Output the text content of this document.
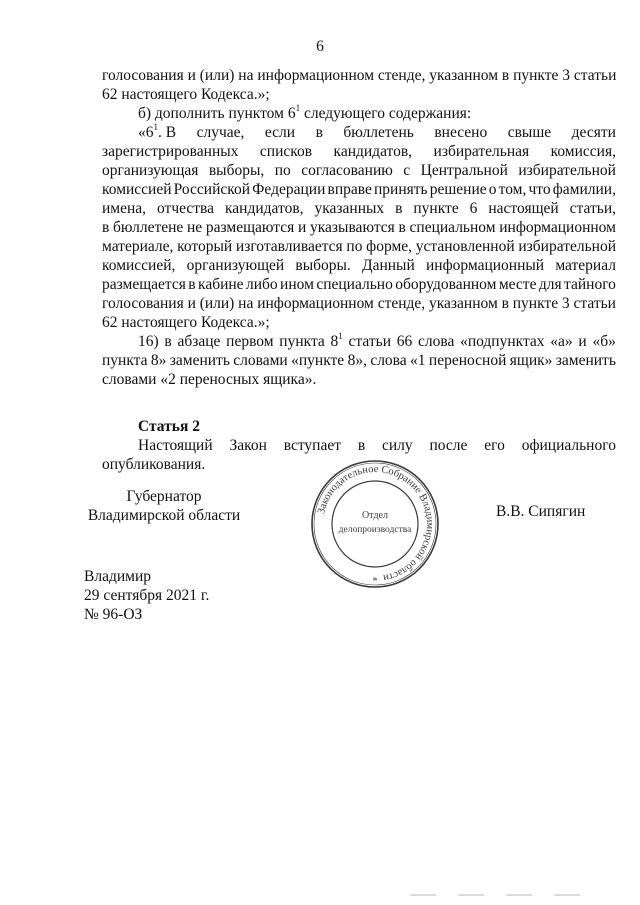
6
голосования и (или) на информационном стенде, указанном в пункте 3 статьи
62 настоящего Кодекса.»;
б) дополнить пунктом $6^1$ следующего содержания:
«$6^1$. В случае, если в бюллетень внесено свыше десяти
зарегистрированных списков кандидатов, избирательная комиссия,
организующая выборы, по согласованию с Центральной избирательной
комиссией Российской Федерации вправе принять решение о том, что фамилии,
имена, отчества кандидатов, указанных в пункте 6 настоящей статьи,
в бюллетене не размещаются и указываются в специальном информационном
материале, который изготавливается по форме, установленной избирательной
комиссией, организующей выборы. Данный информационный материал
размещается в кабине либо ином специально оборудованном месте для тайного
голосования и (или) на информационном стенде, указанном в пункте 3 статьи
62 настоящего Кодекса.»;
16) в абзаце первом пункта $8^1$ статьи 66 слова «подпунктах «а» и «б»
пункта 8» заменить словами «пункте 8», слова «1 переносной ящик» заменить
словами «2 переносных ящика».
Статья 2
Настоящий Закон вступает в силу после его официального
опубликования.
Губернатор
Владимирской области	Законодательное Собрание Владимирской области
Отдел
делопроизводства
*
В.В. Сипягин
Владимир
29 сентября 2021 г.
№ 96-ОЗ
